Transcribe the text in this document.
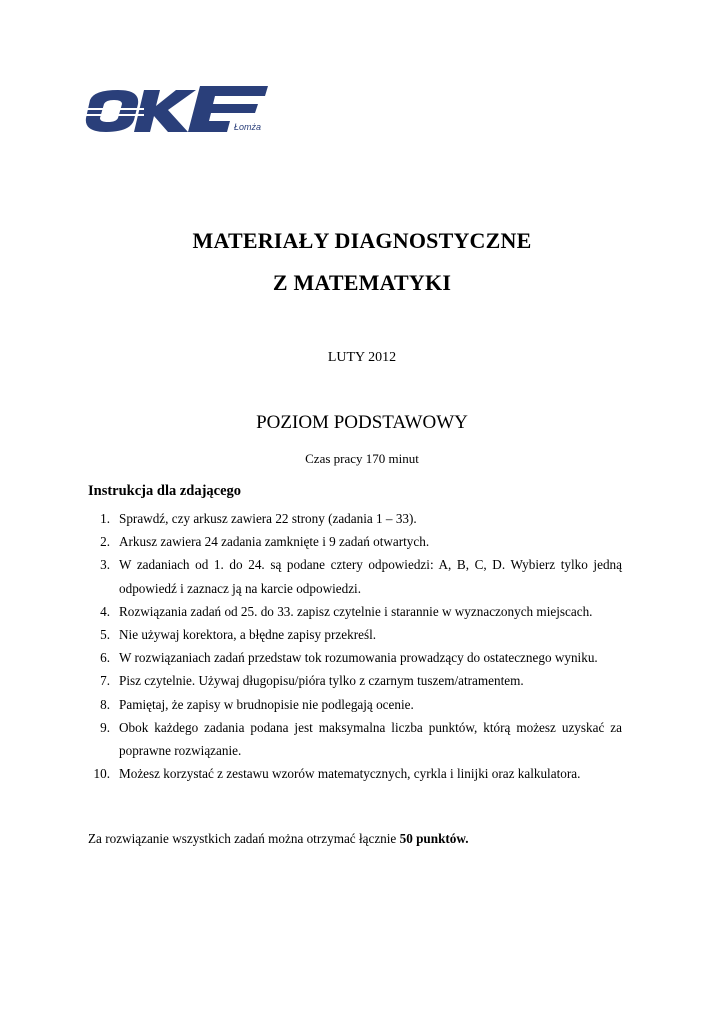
Łomża
MATERIAŁY DIAGNOSTYCZNE
Z MATEMATYKI
LUTY 2012
POZIOM PODSTAWOWY
Czas pracy 170 minut
Instrukcja dla zdającego
1. Sprawdź, czy arkusz zawiera 22 strony (zadania 1 – 33).
2. Arkusz zawiera 24 zadania zamknięte i 9 zadań otwartych.
3. W zadaniach od 1. do 24. są podane cztery odpowiedzi: A, B, C, D. Wybierz tylko jedną odpowiedź i zaznacz ją na karcie odpowiedzi.
4. Rozwiązania zadań od 25. do 33. zapisz czytelnie i starannie w wyznaczonych miejscach.
5. Nie używaj korektora, a błędne zapisy przekreśl.
6. W rozwiązaniach zadań przedstaw tok rozumowania prowadzący do ostatecznego wyniku.
7. Pisz czytelnie. Używaj długopisu/pióra tylko z czarnym tuszem/atramentem.
8. Pamiętaj, że zapisy w brudnopisie nie podlegają ocenie.
9. Obok każdego zadania podana jest maksymalna liczba punktów, którą możesz uzyskać za poprawne rozwiązanie.
10. Możesz korzystać z zestawu wzorów matematycznych, cyrkla i linijki oraz kalkulatora.
Za rozwiązanie wszystkich zadań można otrzymać łącznie 50 punktów.
